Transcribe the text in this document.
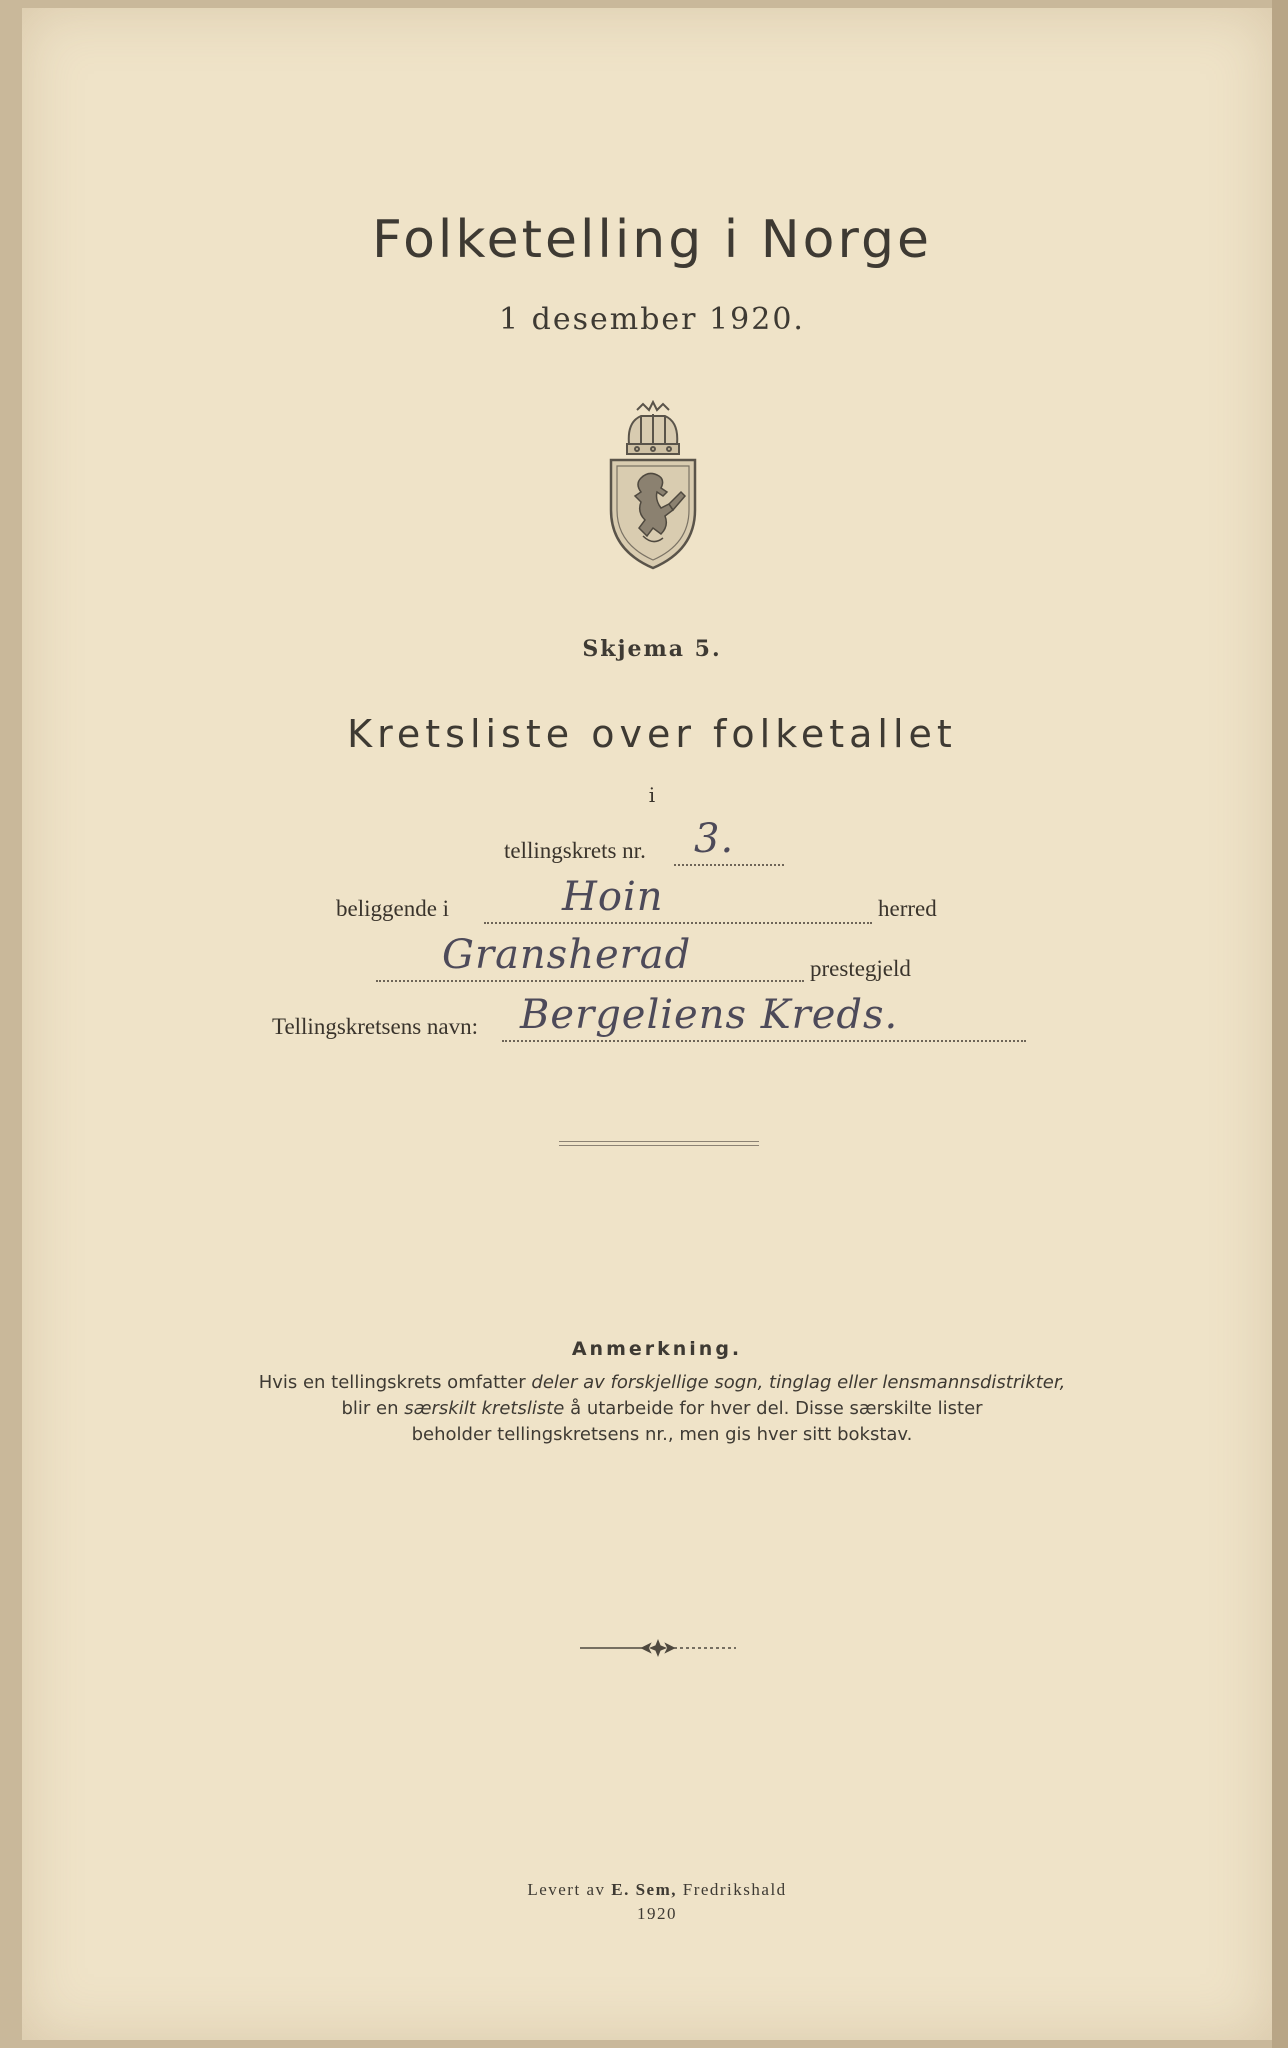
Folketelling i Norge
1 desember 1920.
Skjema 5.
Kretsliste over folketallet
i
tellingskrets nr. 3.
beliggende i	Hoin	herred
Gransherad	prestegjeld
Tellingskretsens navn: Bergeliens Kreds.
Anmerkning.
Hvis en tellingskrets omfatter deler av forskjellige sogn, tinglag eller lensmannsdistrikter,
blir en særskilt kretsliste å utarbeide for hver del. Disse særskilte lister
beholder tellingskretsens nr., men gis hver sitt bokstav.
Levert av E. Sem, Fredrikshald
1920
